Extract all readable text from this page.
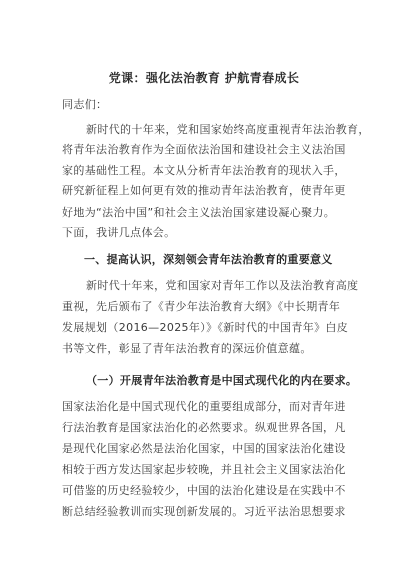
党课：强化法治教育 护航青春成长
同志们：
新时代的十年来，党和国家始终高度重视青年法治教育，
将青年法治教育作为全面依法治国和建设社会主义法治国
家的基础性工程。本文从分析青年法治教育的现状入手，
研究新征程上如何更有效的推动青年法治教育，使青年更
好地为“法治中国”和社会主义法治国家建设凝心聚力。
下面，我讲几点体会。
一、提高认识，深刻领会青年法治教育的重要意义
新时代十年来，党和国家对青年工作以及法治教育高度
重视，先后颁布了《青少年法治教育大纲》《中长期青年
发展规划（2016—2025年）》《新时代的中国青年》白皮
书等文件，彰显了青年法治教育的深远价值意蕴。
（一）开展青年法治教育是中国式现代化的内在要求。
国家法治化是中国式现代化的重要组成部分，而对青年进
行法治教育是国家法治化的必然要求。纵观世界各国，凡
是现代化国家必然是法治化国家，中国的国家法治化建设
相较于西方发达国家起步较晚，并且社会主义国家法治化
可借鉴的历史经验较少，中国的法治化建设是在实践中不
断总结经验教训而实现创新发展的。习近平法治思想要求
